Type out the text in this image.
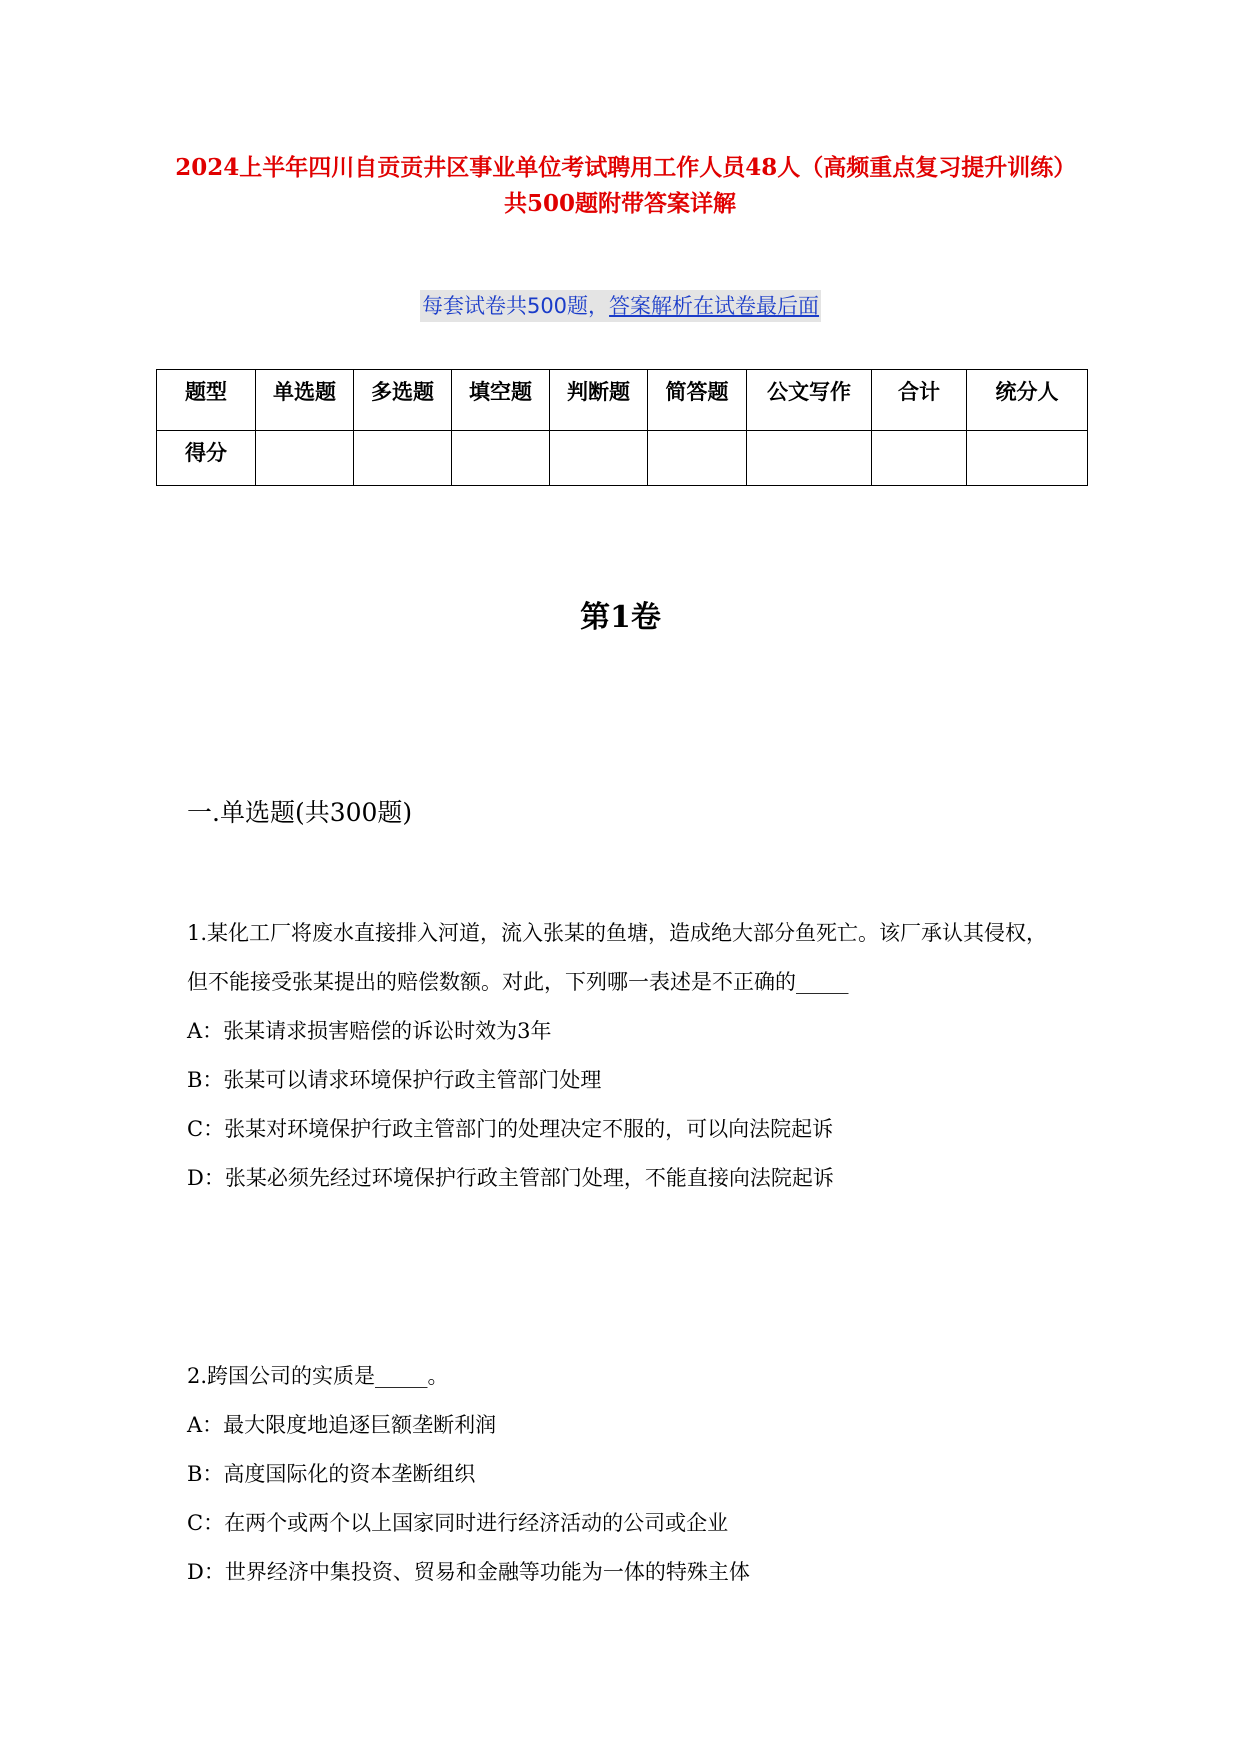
2024上半年四川自贡贡井区事业单位考试聘用工作人员48人（高频重点复习提升训练）共500题附带答案详解
每套试卷共500题，答案解析在试卷最后面
题型	单选题	多选题	填空题	判断题	简答题	公文写作	合计	统分人
得分								
第1卷
一.单选题(共300题)

1.某化工厂将废水直接排入河道，流入张某的鱼塘，造成绝大部分鱼死亡。该厂承认其侵权，但不能接受张某提出的赔偿数额。对此，下列哪一表述是不正确的_____

A：张某请求损害赔偿的诉讼时效为3年

B：张某可以请求环境保护行政主管部门处理

C：张某对环境保护行政主管部门的处理决定不服的，可以向法院起诉

D：张某必须先经过环境保护行政主管部门处理，不能直接向法院起诉

2.跨国公司的实质是_____。

A：最大限度地追逐巨额垄断利润

B：高度国际化的资本垄断组织

C：在两个或两个以上国家同时进行经济活动的公司或企业

D：世界经济中集投资、贸易和金融等功能为一体的特殊主体
